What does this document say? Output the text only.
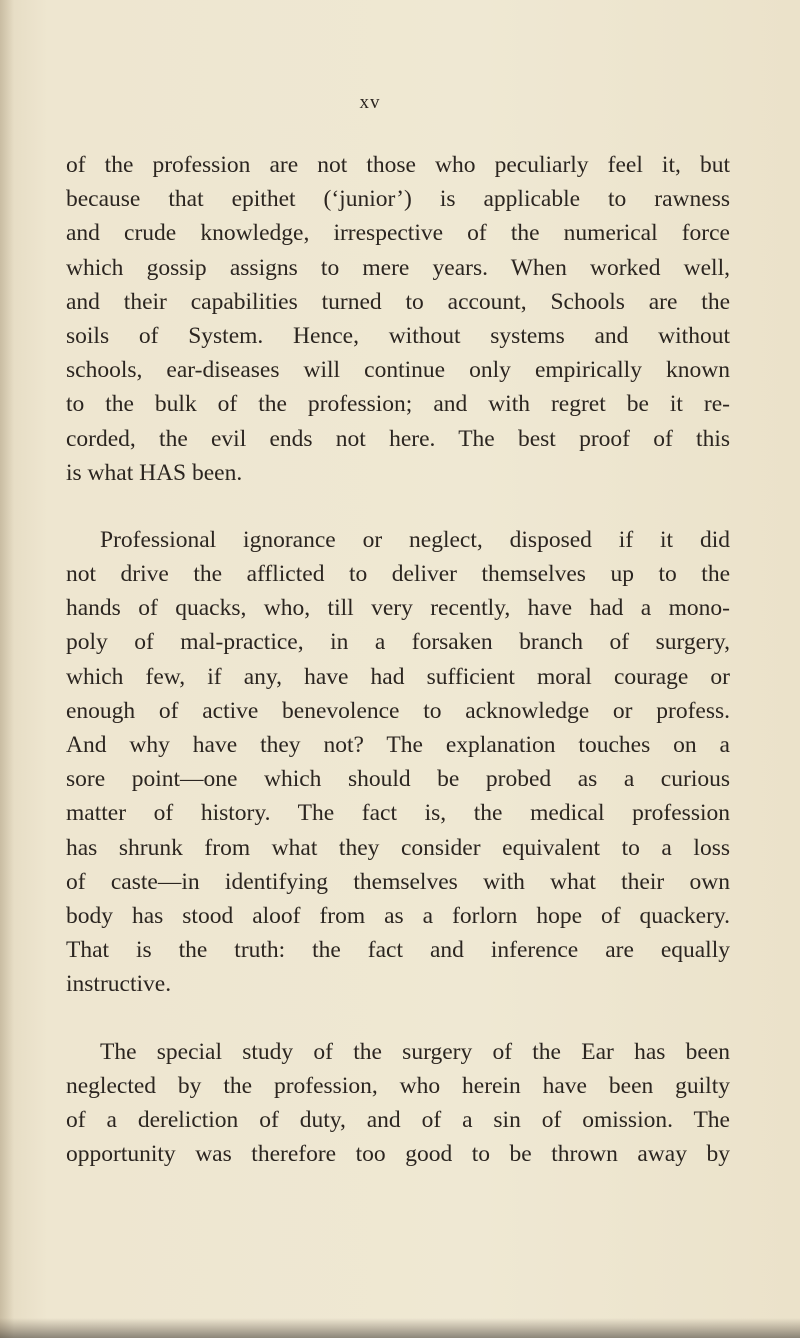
xv
of the profession are not those who peculiarly feel it, but
because that epithet (‘junior’) is applicable to rawness
and crude knowledge, irrespective of the numerical force
which gossip assigns to mere years. When worked well,
and their capabilities turned to account, Schools are the
soils of System. Hence, without systems and without
schools, ear-diseases will continue only empirically known
to the bulk of the profession; and with regret be it re-
corded, the evil ends not here. The best proof of this
is what HAS been.
Professional ignorance or neglect, disposed if it did
not drive the afflicted to deliver themselves up to the
hands of quacks, who, till very recently, have had a mono-
poly of mal-practice, in a forsaken branch of surgery,
which few, if any, have had sufficient moral courage or
enough of active benevolence to acknowledge or profess.
And why have they not? The explanation touches on a
sore point—one which should be probed as a curious
matter of history. The fact is, the medical profession
has shrunk from what they consider equivalent to a loss
of caste—in identifying themselves with what their own
body has stood aloof from as a forlorn hope of quackery.
That is the truth: the fact and inference are equally
instructive.
The special study of the surgery of the Ear has been
neglected by the profession, who herein have been guilty
of a dereliction of duty, and of a sin of omission. The
opportunity was therefore too good to be thrown away by
